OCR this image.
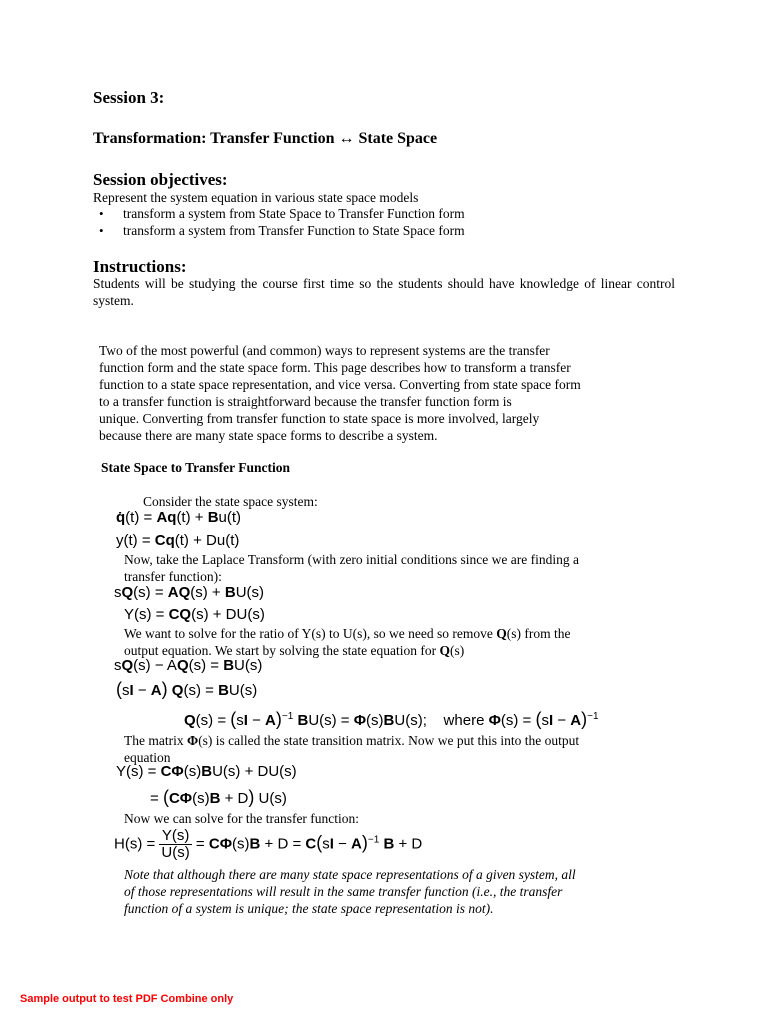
Session 3:
Transformation: Transfer Function ↔ State Space
Session objectives:
Represent the system equation in various state space models
• transform a system from State Space to Transfer Function form
• transform a system from Transfer Function to State Space form
Instructions:
Students will be studying the course first time so the students should have knowledge of linear control system.
Two of the most powerful (and common) ways to represent systems are the transfer
function form and the state space form. This page describes how to transform a transfer
function to a state space representation, and vice versa. Converting from state space form
to a transfer function is straightforward because the transfer function form is
unique. Converting from transfer function to state space is more involved, largely
because there are many state space forms to describe a system.
State Space to Transfer Function
Consider the state space system:
q̇(t) = Aq(t) + Bu(t)
y(t) = Cq(t) + Du(t)
Now, take the Laplace Transform (with zero initial conditions since we are finding a
transfer function):
sQ(s) = AQ(s) + BU(s)
Y(s) = CQ(s) + DU(s)
We want to solve for the ratio of Y(s) to U(s), so we need so remove Q(s) from the
output equation. We start by solving the state equation for Q(s)
sQ(s) − AQ(s) = BU(s)
(sI − A) Q(s) = BU(s)
Q(s) = (sI − A)$^{-1}$ BU(s) = Φ(s)BU(s);    where Φ(s) = (sI − A)$^{-1}$
The matrix Φ(s) is called the state transition matrix. Now we put this into the output
equation
Y(s) = CΦ(s)BU(s) + DU(s)
= (CΦ(s)B + D) U(s)
Now we can solve for the transfer function:
$H(s) = \frac{Y(s)}{U(s)} = C\Phi(s)B + D = C(sI - A)^{-1}$ B + D
Note that although there are many state space representations of a given system, all
of those representations will result in the same transfer function (i.e., the transfer
function of a system is unique; the state space representation is not).
Sample output to test PDF Combine only
